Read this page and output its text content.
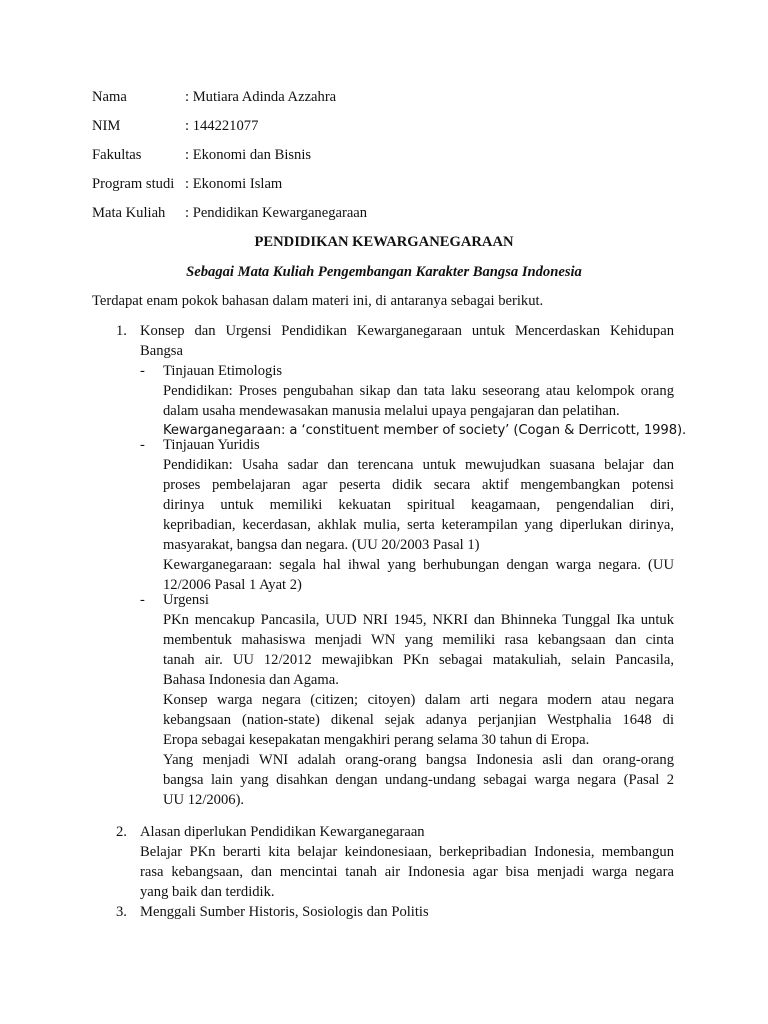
Nama	: Mutiara Adinda Azzahra
NIM	: 144221077
Fakultas	: Ekonomi dan Bisnis
Program studi : Ekonomi Islam
Mata Kuliah : Pendidikan Kewarganegaraan
PENDIDIKAN KEWARGANEGARAAN
Sebagai Mata Kuliah Pengembangan Karakter Bangsa Indonesia
Terdapat enam pokok bahasan dalam materi ini, di antaranya sebagai berikut.
1. Konsep dan Urgensi Pendidikan Kewarganegaraan untuk Mencerdaskan Kehidupan
Bangsa
- Tinjauan Etimologis
Pendidikan: Proses pengubahan sikap dan tata laku seseorang atau kelompok orang
dalam usaha mendewasakan manusia melalui upaya pengajaran dan pelatihan.
Kewarganegaraan: a ‘constituent member of society’ (Cogan & Derricott, 1998).
- Tinjauan Yuridis
Pendidikan: Usaha sadar dan terencana untuk mewujudkan suasana belajar dan
proses pembelajaran agar peserta didik secara aktif mengembangkan potensi
dirinya untuk memiliki kekuatan spiritual keagamaan, pengendalian diri,
kepribadian, kecerdasan, akhlak mulia, serta keterampilan yang diperlukan dirinya,
masyarakat, bangsa dan negara. (UU 20/2003 Pasal 1)
Kewarganegaraan: segala hal ihwal yang berhubungan dengan warga negara. (UU
12/2006 Pasal 1 Ayat 2)
- Urgensi
PKn mencakup Pancasila, UUD NRI 1945, NKRI dan Bhinneka Tunggal Ika untuk
membentuk mahasiswa menjadi WN yang memiliki rasa kebangsaan dan cinta
tanah air. UU 12/2012 mewajibkan PKn sebagai matakuliah, selain Pancasila,
Bahasa Indonesia dan Agama.
Konsep warga negara (citizen; citoyen) dalam arti negara modern atau negara
kebangsaan (nation-state) dikenal sejak adanya perjanjian Westphalia 1648 di
Eropa sebagai kesepakatan mengakhiri perang selama 30 tahun di Eropa.
Yang menjadi WNI adalah orang-orang bangsa Indonesia asli dan orang-orang
bangsa lain yang disahkan dengan undang-undang sebagai warga negara (Pasal 2
UU 12/2006).
2. Alasan diperlukan Pendidikan Kewarganegaraan
Belajar PKn berarti kita belajar keindonesiaan, berkepribadian Indonesia, membangun
rasa kebangsaan, dan mencintai tanah air Indonesia agar bisa menjadi warga negara
yang baik dan terdidik.
3. Menggali Sumber Historis, Sosiologis dan Politis
